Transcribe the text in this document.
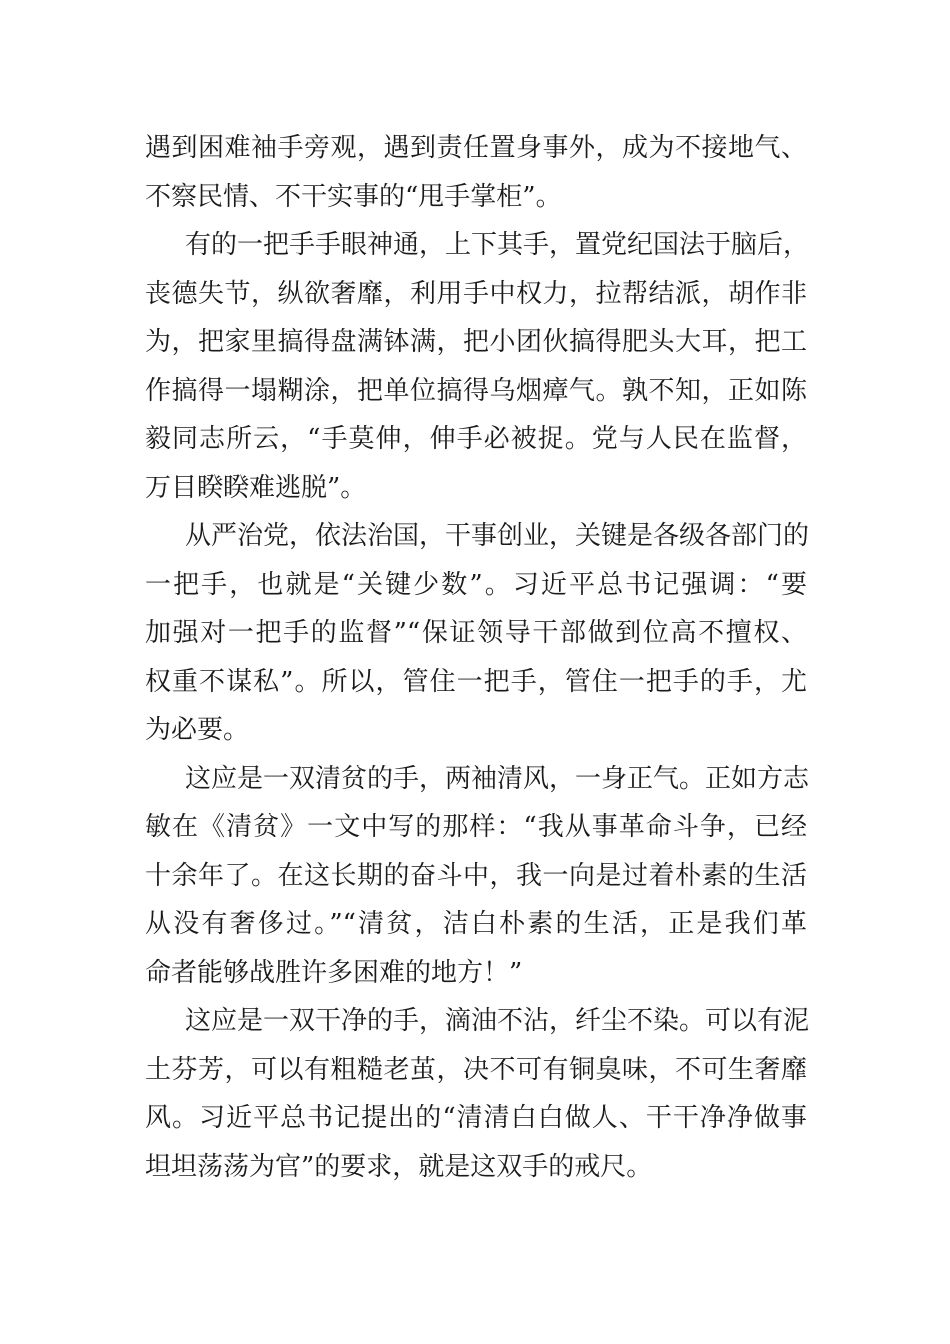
遇到困难袖手旁观，遇到责任置身事外，成为不接地气、
不察民情、不干实事的“甩手掌柜”。
有的一把手手眼神通，上下其手，置党纪国法于脑后，
丧德失节，纵欲奢靡，利用手中权力，拉帮结派，胡作非
为，把家里搞得盘满钵满，把小团伙搞得肥头大耳，把工
作搞得一塌糊涂，把单位搞得乌烟瘴气。孰不知，正如陈
毅同志所云，“手莫伸，伸手必被捉。党与人民在监督，
万目睽睽难逃脱”。
从严治党，依法治国，干事创业，关键是各级各部门的
一把手，也就是“关键少数”。习近平总书记强调：“要
加强对一把手的监督”“保证领导干部做到位高不擅权、
权重不谋私”。所以，管住一把手，管住一把手的手，尤
为必要。
这应是一双清贫的手，两袖清风，一身正气。正如方志
敏在《清贫》一文中写的那样：“我从事革命斗争，已经
十余年了。在这长期的奋斗中，我一向是过着朴素的生活
从没有奢侈过。”“清贫，洁白朴素的生活，正是我们革
命者能够战胜许多困难的地方！”
这应是一双干净的手，滴油不沾，纤尘不染。可以有泥
土芬芳，可以有粗糙老茧，决不可有铜臭味，不可生奢靡
风。习近平总书记提出的“清清白白做人、干干净净做事
坦坦荡荡为官”的要求，就是这双手的戒尺。
